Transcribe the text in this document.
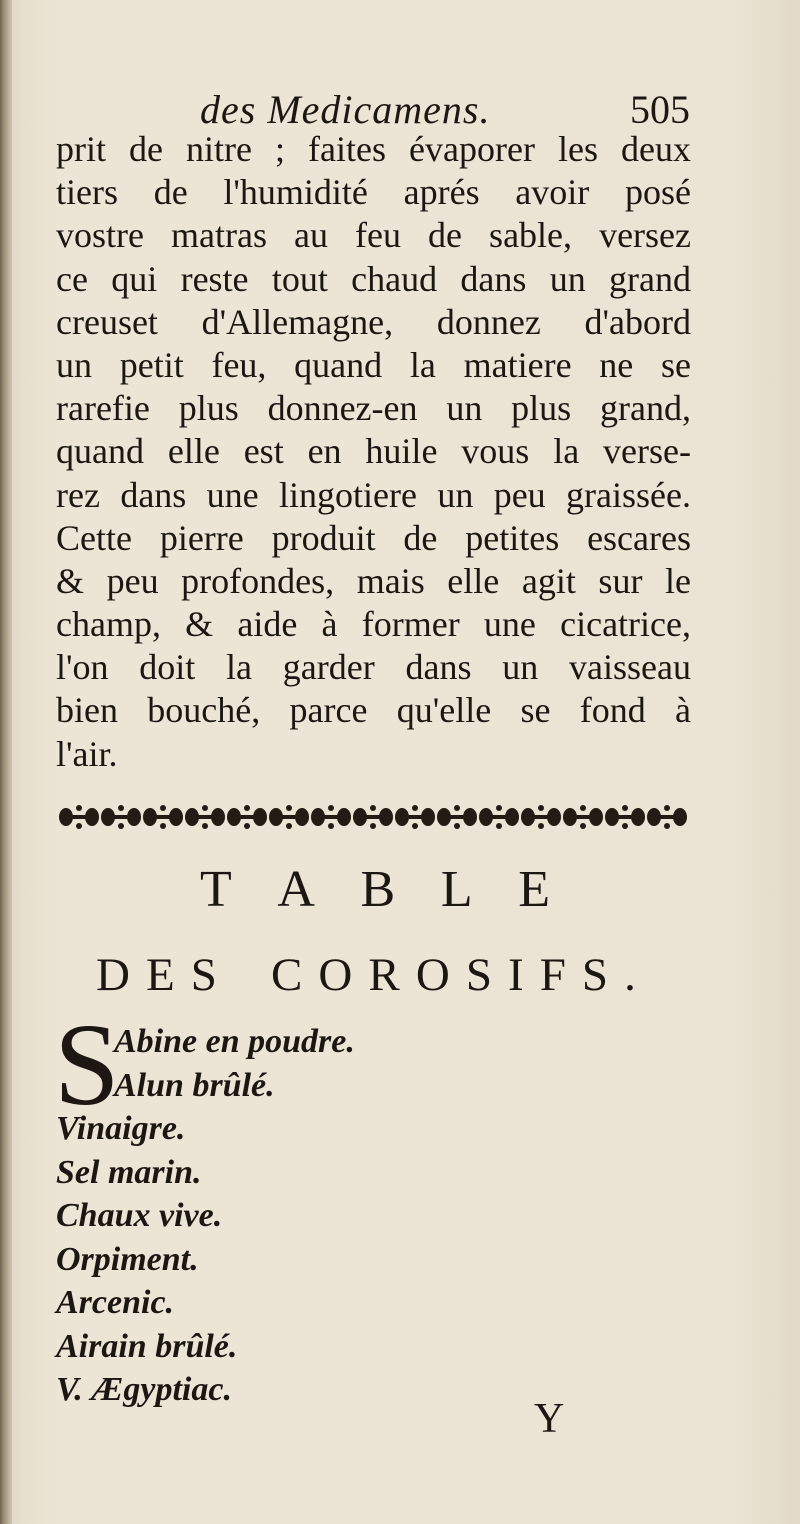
des Medicamens.	505
prit de nitre ; faites évaporer les deux
tiers de l'humidité aprés avoir posé
vostre matras au feu de sable, versez
ce qui reste tout chaud dans un grand
creuset d'Allemagne, donnez d'abord
un petit feu, quand la matiere ne se
rarefie plus donnez-en un plus grand,
quand elle est en huile vous la verse-
rez dans une lingotiere un peu graissée.
Cette pierre produit de petites escares
& peu profondes, mais elle agit sur le
champ, & aide à former une cicatrice,
l'on doit la garder dans un vaisseau
bien bouché, parce qu'elle se fond à
l'air.
T A B L E
D E S C O R O S I F S .
S
Abine en poudre.
Alun brûlé.
Vinaigre.
Sel marin.
Chaux vive.
Orpiment.
Arcenic.
Airain brûlé.
V. Ægyptiac.
Y
